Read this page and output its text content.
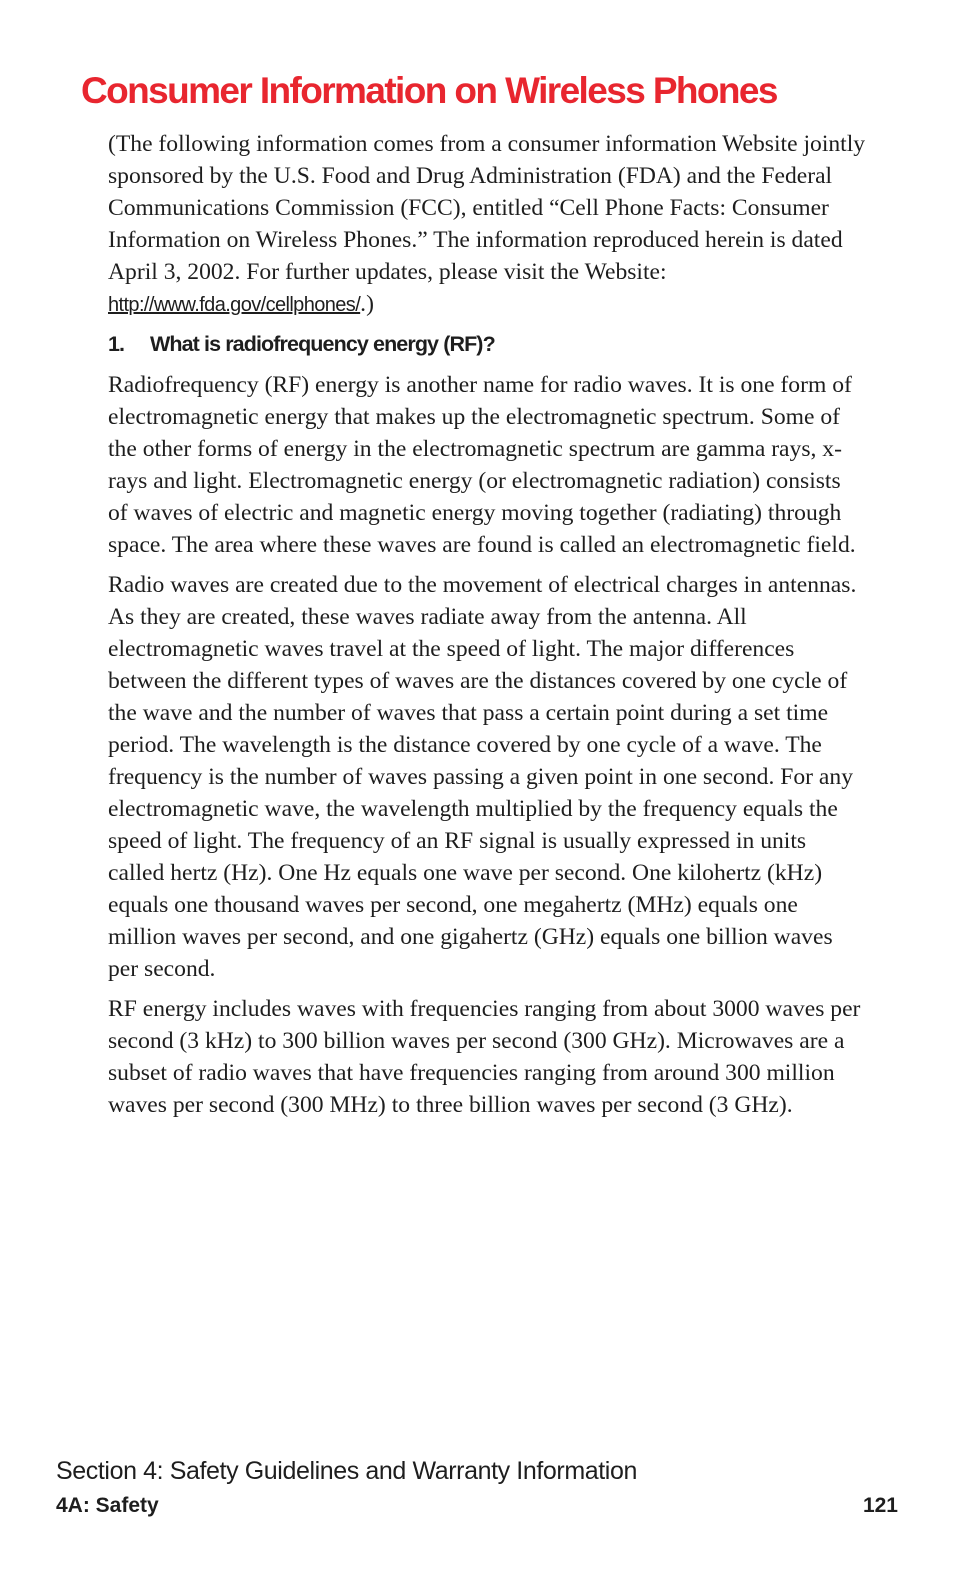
Consumer Information on Wireless Phones

(The following information comes from a consumer information Website jointly sponsored by the U.S. Food and Drug Administration (FDA) and the Federal Communications Commission (FCC), entitled “Cell Phone Facts: Consumer Information on Wireless Phones.” The information reproduced herein is dated April 3, 2002. For further updates, please visit the Website: http://www.fda.gov/cellphones/.)

1. What is radiofrequency energy (RF)?

Radiofrequency (RF) energy is another name for radio waves. It is one form of electromagnetic energy that makes up the electromagnetic spectrum. Some of the other forms of energy in the electromagnetic spectrum are gamma rays, x-rays and light. Electromagnetic energy (or electromagnetic radiation) consists of waves of electric and magnetic energy moving together (radiating) through space. The area where these waves are found is called an electromagnetic field.

Radio waves are created due to the movement of electrical charges in antennas. As they are created, these waves radiate away from the antenna. All electromagnetic waves travel at the speed of light. The major differences between the different types of waves are the distances covered by one cycle of the wave and the number of waves that pass a certain point during a set time period. The wavelength is the distance covered by one cycle of a wave. The frequency is the number of waves passing a given point in one second. For any electromagnetic wave, the wavelength multiplied by the frequency equals the speed of light. The frequency of an RF signal is usually expressed in units called hertz (Hz). One Hz equals one wave per second. One kilohertz (kHz) equals one thousand waves per second, one megahertz (MHz) equals one million waves per second, and one gigahertz (GHz) equals one billion waves per second.

RF energy includes waves with frequencies ranging from about 3000 waves per second (3 kHz) to 300 billion waves per second (300 GHz). Microwaves are a subset of radio waves that have frequencies ranging from around 300 million waves per second (300 MHz) to three billion waves per second (3 GHz).

Section 4: Safety Guidelines and Warranty Information
4A: Safety	121
